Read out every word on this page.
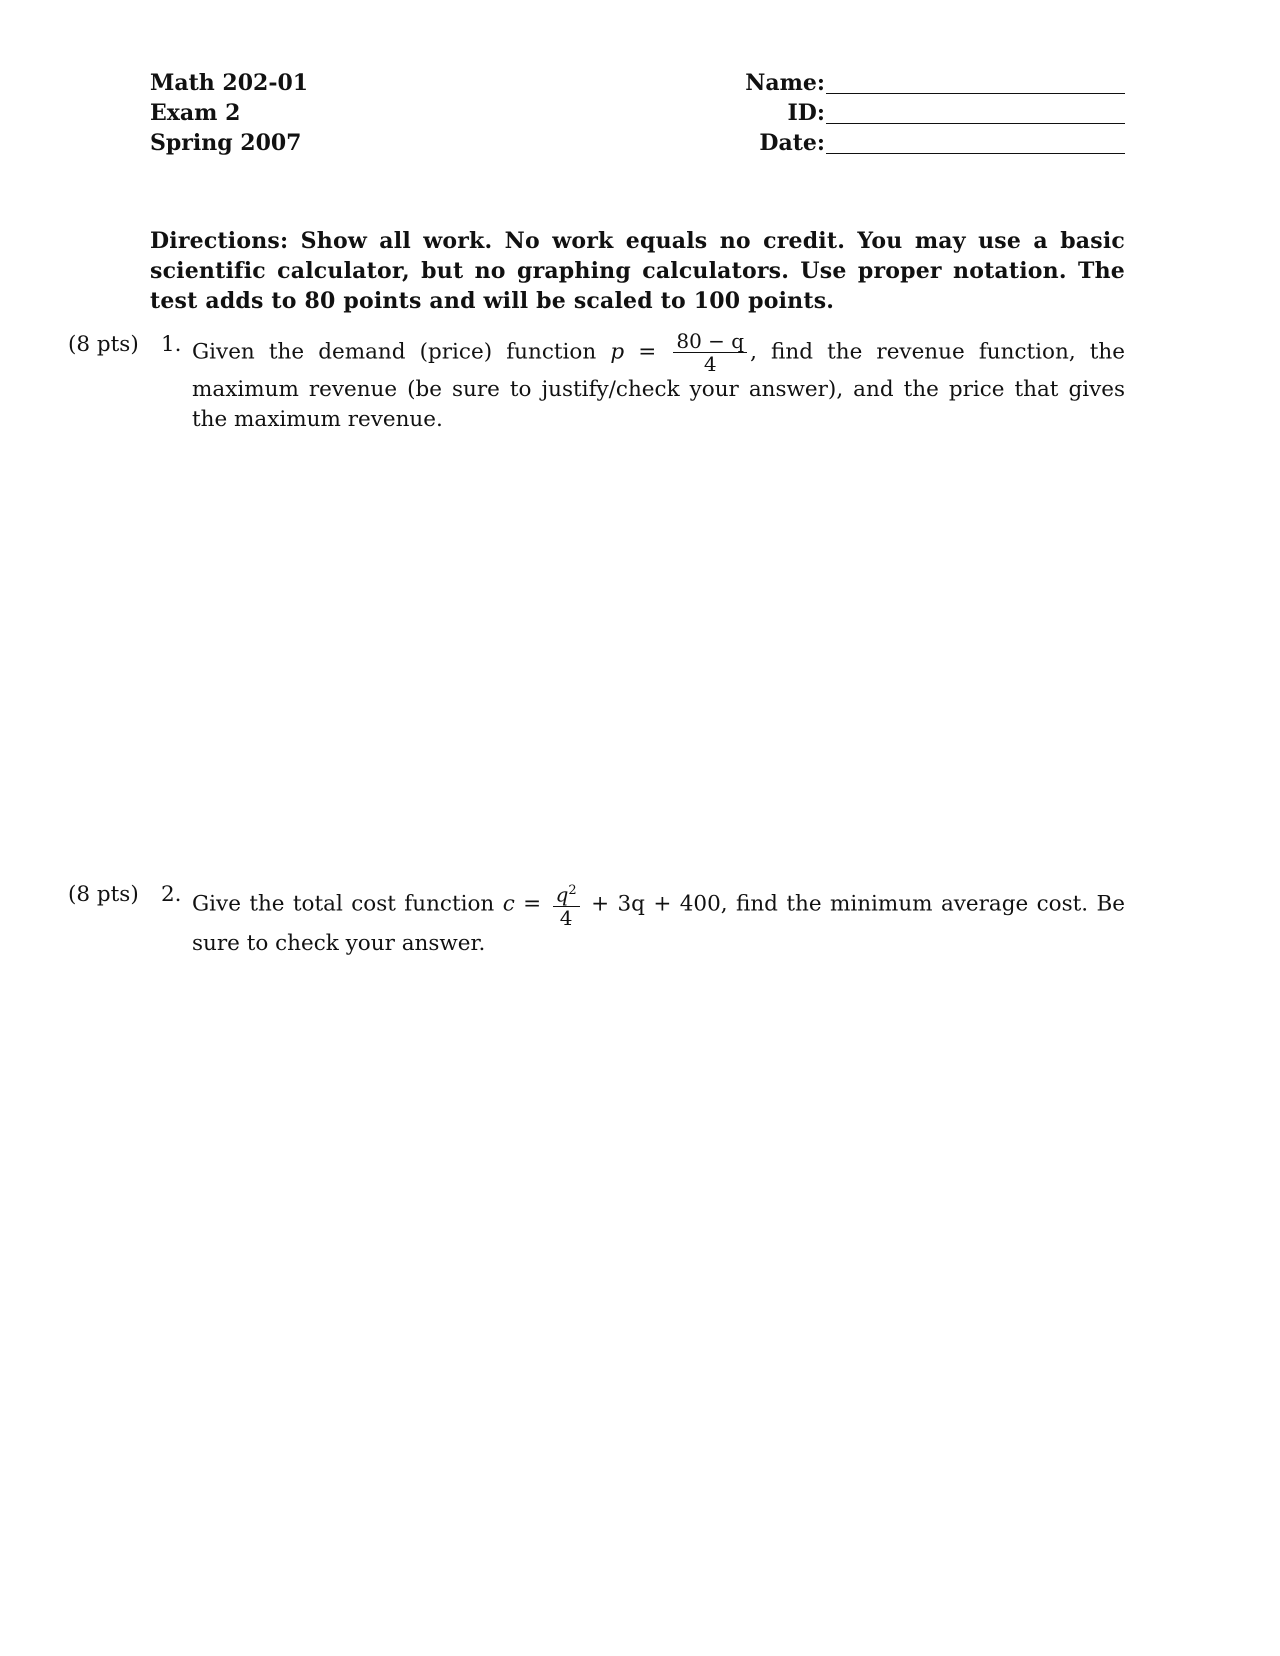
Math 202-01
Exam 2
Spring 2007
Name:
ID:
Date:
Directions: Show all work. No work equals no credit. You may use a basic scientific calculator, but no graphing calculators. Use proper notation. The test adds to 80 points and will be scaled to 100 points.
(8 pts) 1. Given the demand (price) function $p = \frac{80 - q}{4}$ , find the revenue function, the maximum revenue (be sure to justify/check your answer), and the price that gives the maximum revenue.
(8 pts) 2. Give the total cost function $c = \frac{q^2}{4} + 3q + 400$, find the minimum average cost. Be sure to check your answer.
